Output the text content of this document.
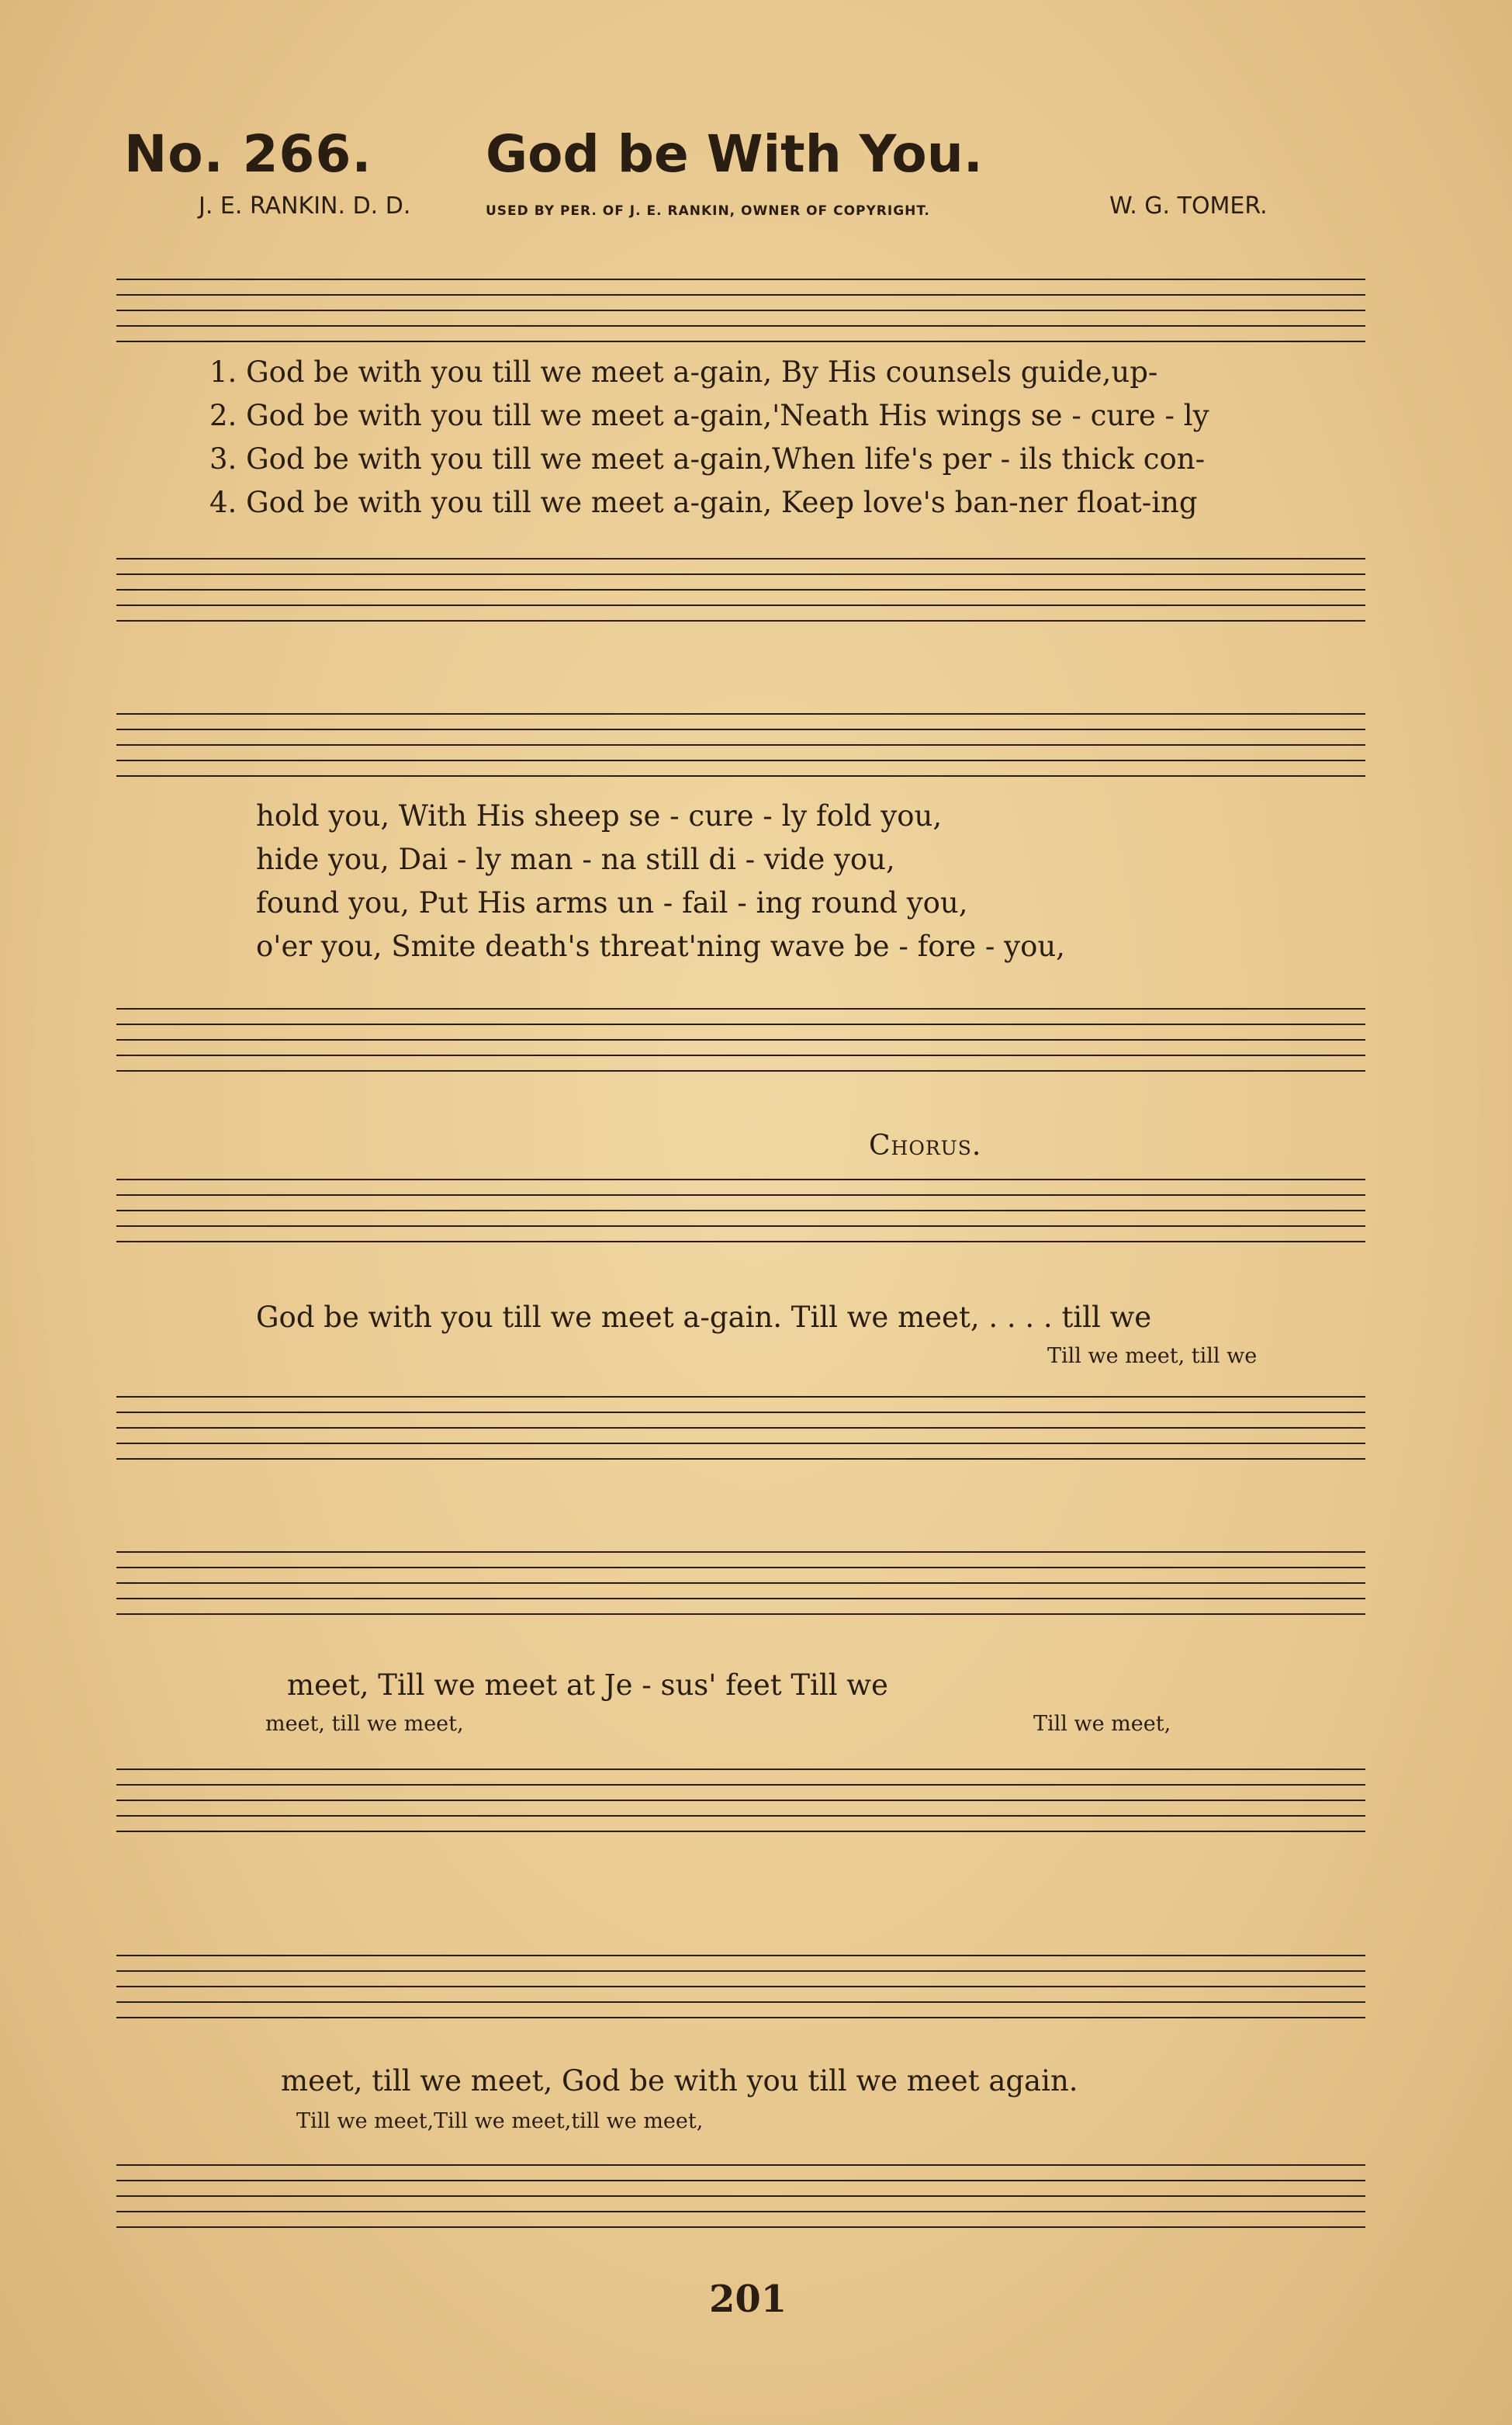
No. 266. God be With You.
J. E. RANKIN. D. D.	USED BY PER. OF J. E. RANKIN, OWNER OF COPYRIGHT.	W. G. TOMER.
1. God be with you till we meet a-gain, By His counsels guide,up-
2. God be with you till we meet a-gain,'Neath His wings se - cure - ly
3. God be with you till we meet a-gain,When life's per - ils thick con-
4. God be with you till we meet a-gain, Keep love's ban-ner float-ing
hold you, With His sheep se - cure - ly fold you,
hide you, Dai - ly man - na still di - vide you,
found you, Put His arms un - fail - ing round you,
o'er you, Smite death's threat'ning wave be - fore - you,
Chorus.
God be with you till we meet a-gain. Till we meet, . . . . till we
Till we meet, till we
meet, Till we meet at Je - sus' feet Till we
meet, till we meet,	Till we meet,
meet, till we meet, God be with you till we meet again.
Till we meet,Till we meet,till we meet,
201
